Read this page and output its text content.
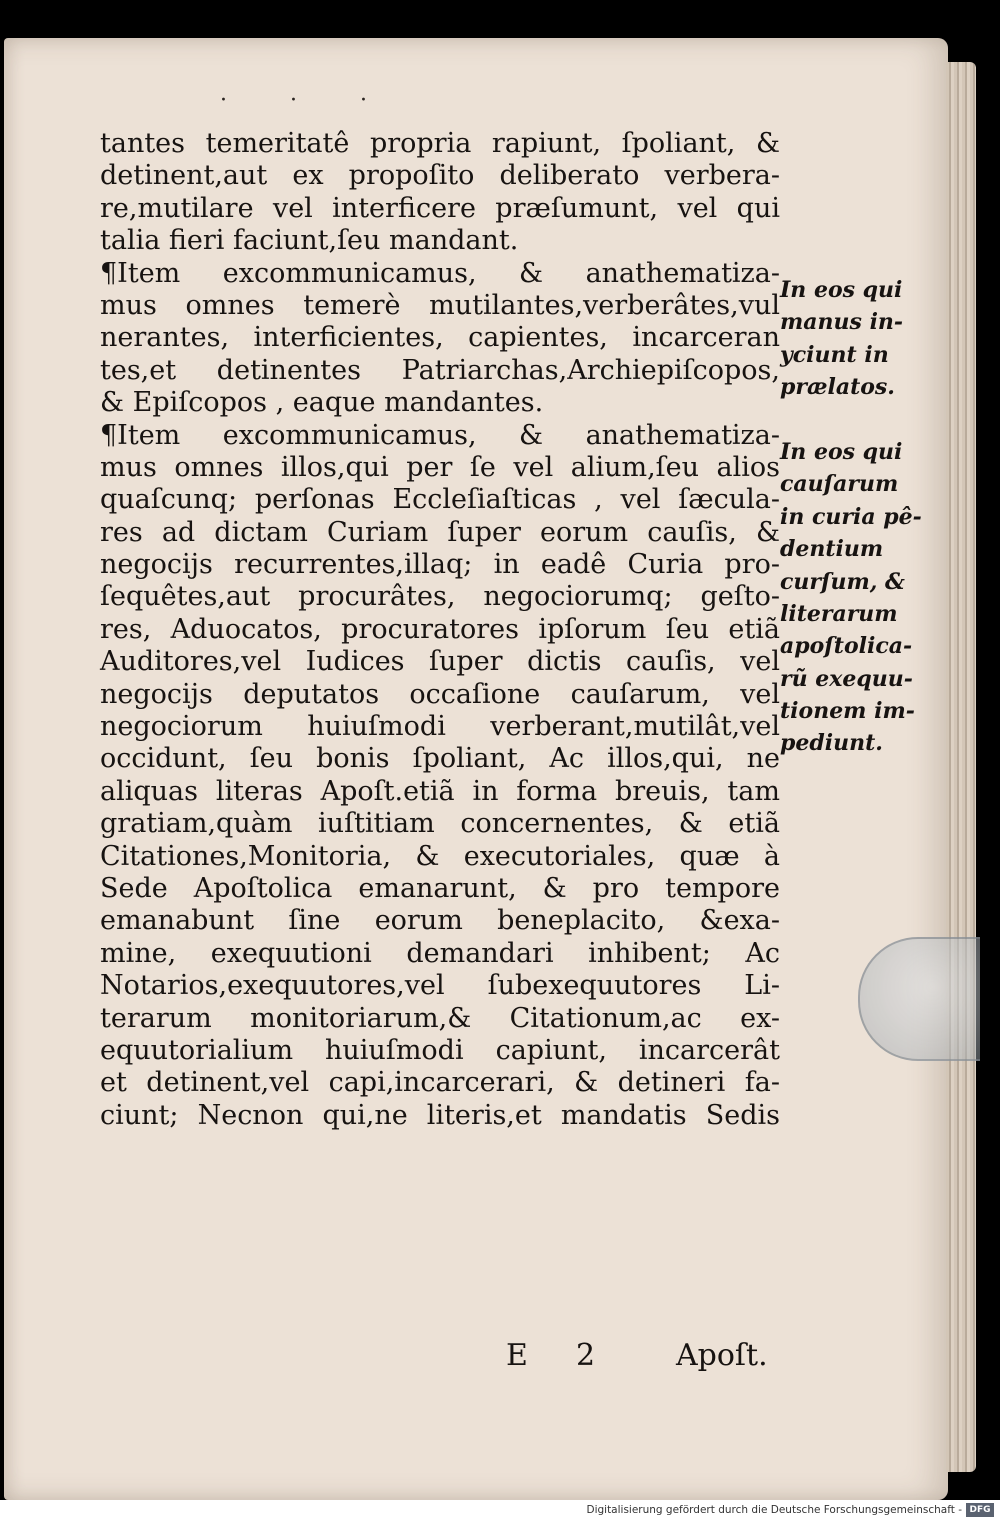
· · ·
tantes temeritatê propria rapiunt, ſpoliant, &
detinent,aut ex propoſito deliberato verbera-
re,mutilare vel interficere præſumunt, vel qui
talia fieri faciunt,ſeu mandant.
¶Item excommunicamus, & anathematiza-
mus omnes temerè mutilantes,verberâtes,vul
nerantes, interficientes, capientes, incarceran
tes,et detinentes Patriarchas,Archiepiſcopos,
& Epiſcopos , eaque mandantes.
¶Item excommunicamus, & anathematiza-
mus omnes illos,qui per ſe vel alium,ſeu alios
quaſcunq; perſonas Eccleſiaſticas , vel ſæcula-
res ad dictam Curiam ſuper eorum cauſis, &
negocijs recurrentes,illaq; in eadê Curia pro-
ſequêtes,aut procurâtes, negociorumq; geſto-
res, Aduocatos, procuratores ipſorum ſeu etiã
Auditores,vel Iudices ſuper dictis cauſis, vel
negocijs deputatos occaſione cauſarum, vel
negociorum huiuſmodi verberant,mutilât,vel
occidunt, ſeu bonis ſpoliant, Ac illos,qui, ne
aliquas literas Apoſt.etiã in forma breuis, tam
gratiam,quàm iuſtitiam concernentes, & etiã
Citationes,Monitoria, & executoriales, quæ à
Sede Apoſtolica emanarunt, & pro tempore
emanabunt ſine eorum beneplacito, &exa-
mine, exequutioni demandari inhibent; Ac
Notarios,exequutores,vel ſubexequutores Li-
terarum monitoriarum,& Citationum,ac ex-
equutorialium huiuſmodi capiunt, incarcerât
et detinent,vel capi,incarcerari, & detineri fa-
ciunt; Necnon qui,ne literis,et mandatis Sedis
In eos qui
manus in-
yciunt in
prælatos.
In eos qui
cauſarum
in curia pê-
dentium
curſum, &
literarum
apoſtolica-
rũ exequu-
tionem im-
pediunt.
E 2	Apoſt.
Digitalisierung gefördert durch die Deutsche Forschungsgemeinschaft - DFG
